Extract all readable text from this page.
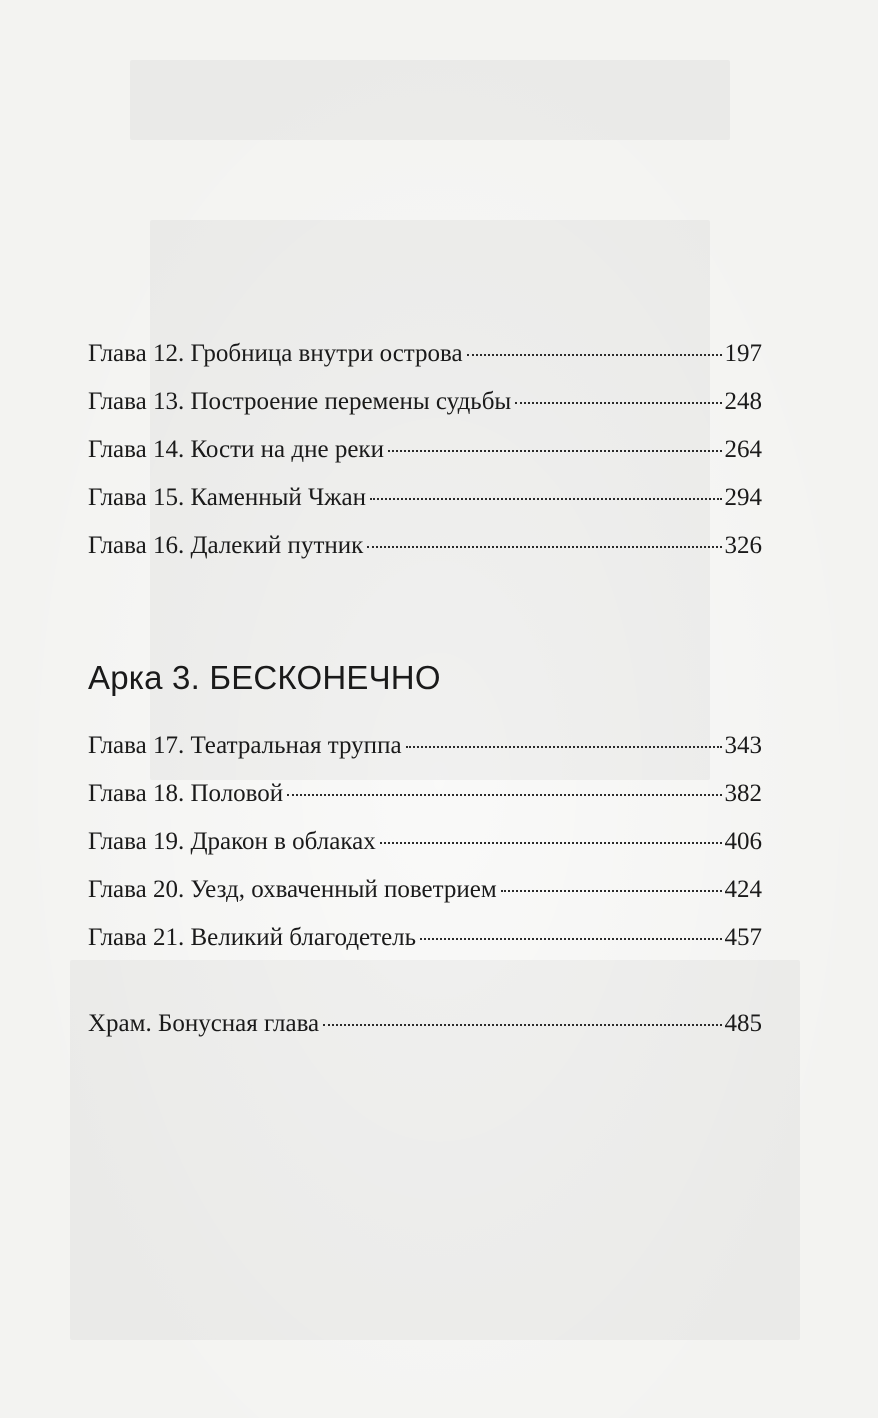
Глава 12. Гробница внутри острова	197
Глава 13. Построение перемены судьбы	248
Глава 14. Кости на дне реки	264
Глава 15. Каменный Чжан	294
Глава 16. Далекий путник	326
Арка 3. БЕСКОНЕЧНО
Глава 17. Театральная труппа	343
Глава 18. Половой	382
Глава 19. Дракон в облаках	406
Глава 20. Уезд, охваченный поветрием	424
Глава 21. Великий благодетель	457
Храм. Бонусная глава	485
